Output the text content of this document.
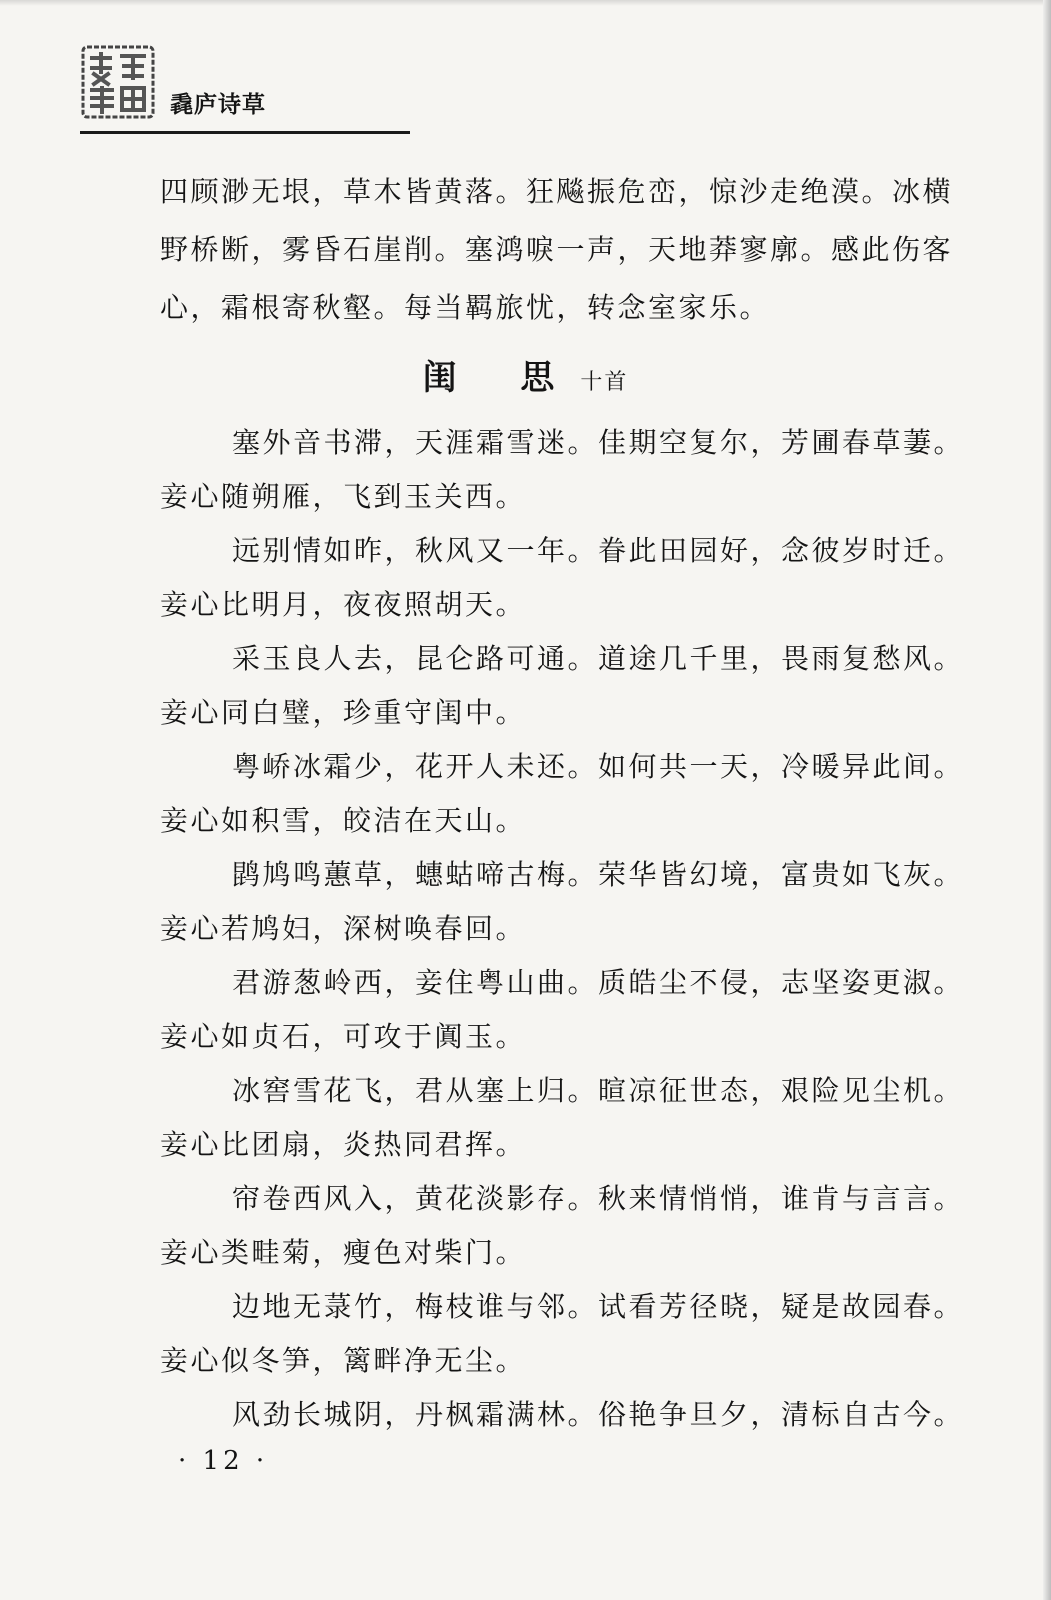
毳庐诗草
四顾渺无垠，草木皆黄落。狂飚振危峦，惊沙走绝漠。冰横
野桥断，雾昏石崖削。塞鸿唳一声，天地莽寥廓。感此伤客
心，霜根寄秋壑。每当羁旅忧，转念室家乐。
闺 思十首
塞外音书滞，天涯霜雪迷。佳期空复尔，芳圃春草萋。
妾心随朔雁，飞到玉关西。
远别情如昨，秋风又一年。眷此田园好，念彼岁时迁。
妾心比明月，夜夜照胡天。
采玉良人去，昆仑路可通。道途几千里，畏雨复愁风。
妾心同白璧，珍重守闺中。
粤峤冰霜少，花开人未还。如何共一天，冷暖异此间。
妾心如积雪，皎洁在天山。
鹍鸠鸣蕙草，蟪蛄啼古梅。荣华皆幻境，富贵如飞灰。
妾心若鸠妇，深树唤春回。
君游葱岭西，妾住粤山曲。质皓尘不侵，志坚姿更淑。
妾心如贞石，可攻于阗玉。
冰窖雪花飞，君从塞上归。暄凉征世态，艰险见尘机。
妾心比团扇，炎热同君挥。
帘卷西风入，黄花淡影存。秋来情悄悄，谁肯与言言。
妾心类畦菊，瘦色对柴门。
边地无菉竹，梅枝谁与邻。试看芳径晓，疑是故园春。
妾心似冬笋，篱畔净无尘。
风劲长城阴，丹枫霜满林。俗艳争旦夕，清标自古今。
· 12 ·
